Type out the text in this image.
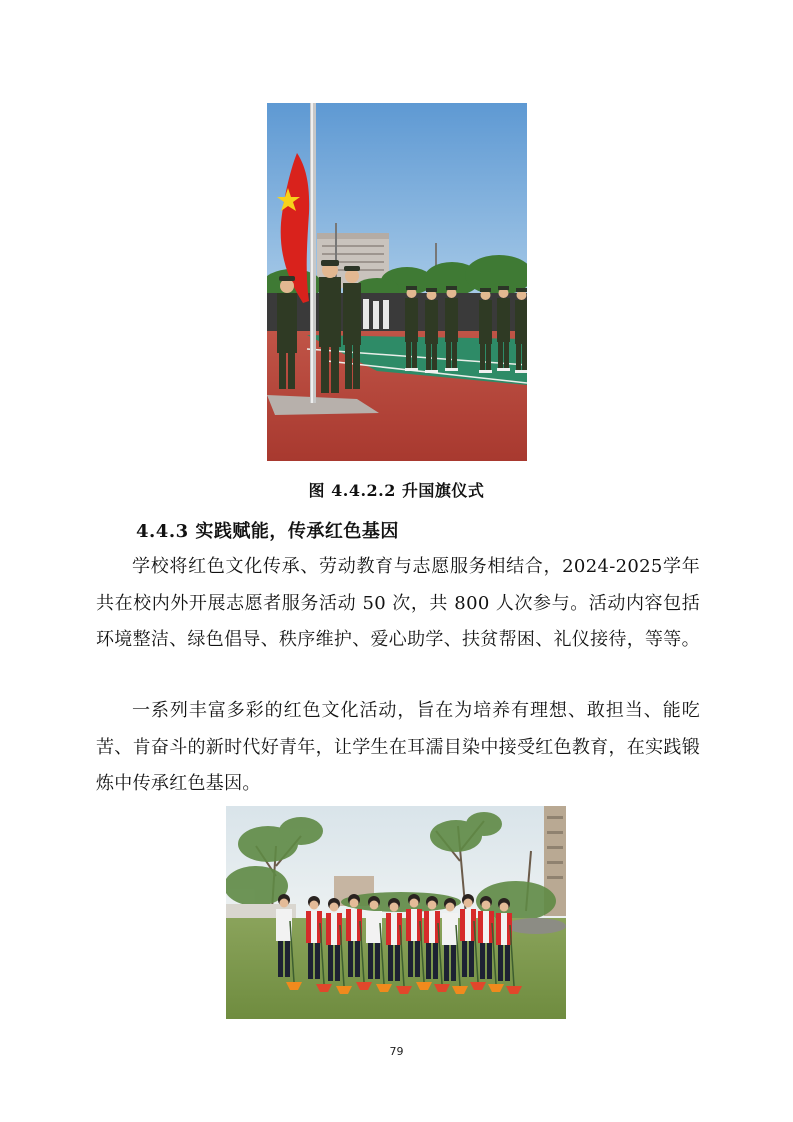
图 4.4.2.2 升国旗仪式
4.4.3 实践赋能，传承红色基因

学校将红色文化传承、劳动教育与志愿服务相结合，2024-2025学年共在校内外开展志愿者服务活动 50 次，共 800 人次参与。活动内容包括环境整洁、绿色倡导、秩序维护、爱心助学、扶贫帮困、礼仪接待，等等。

一系列丰富多彩的红色文化活动，旨在为培养有理想、敢担当、能吃苦、肯奋斗的新时代好青年，让学生在耳濡目染中接受红色教育，在实践锻炼中传承红色基因。

79
